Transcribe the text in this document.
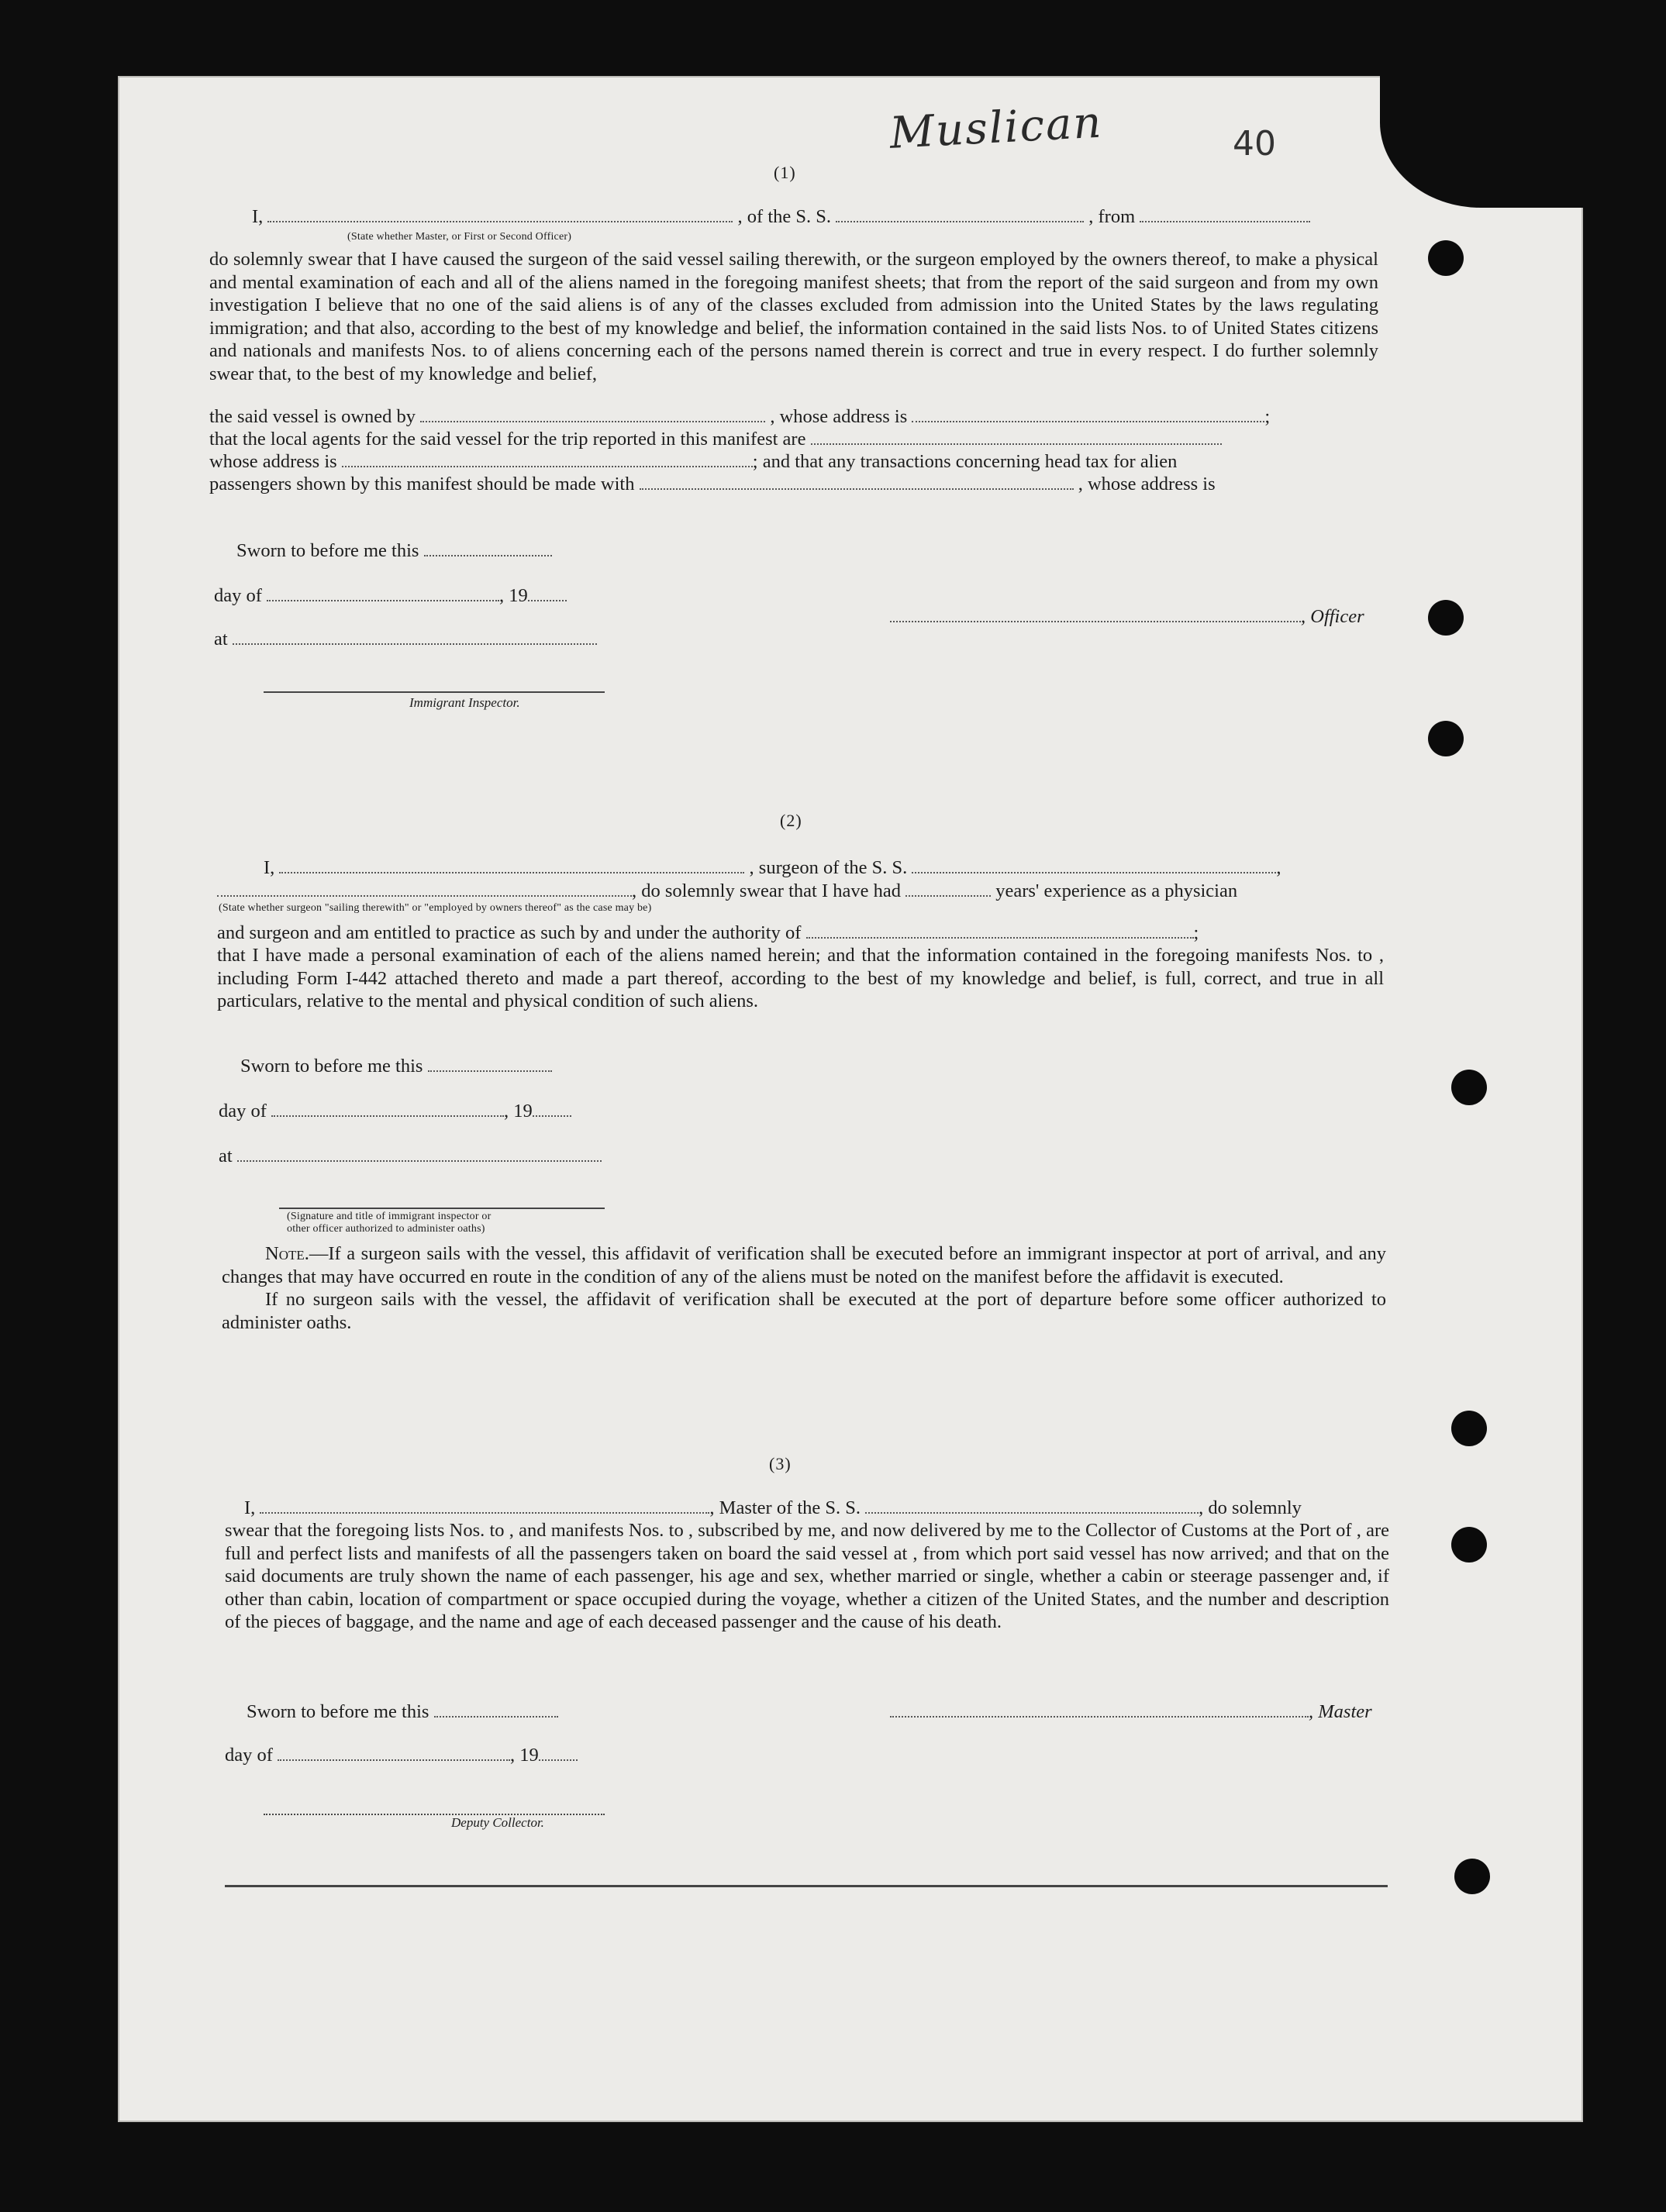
Muslican	40
(1)
I,	, of the S. S.	, from
(State whether Master, or First or Second Officer)

do solemnly swear that I have caused the surgeon of the said vessel sailing therewith, or the surgeon employed by the owners thereof, to make a physical and mental examination of each and all of the aliens named in the foregoing manifest sheets; that from the report of the said surgeon and from my own investigation I believe that no one of the said aliens is of any of the classes excluded from admission into the United States by the laws regulating immigration; and that also, according to the best of my knowledge and belief, the information contained in the said lists Nos. to of United States citizens and nationals and manifests Nos. to of aliens concerning each of the persons named therein is correct and true in every respect. I do further solemnly swear that, to the best of my knowledge and belief,

the said vessel is owned by	, whose address is	;
that the local agents for the said vessel for the trip reported in this manifest are
whose address is	; and that any transactions concerning head tax for alien
passengers shown by this manifest should be made with	, whose address is
Sworn to before me this
day of	, 19
at
, Officer
Immigrant Inspector.
(2)
I,	, surgeon of the S. S.	,
, do solemnly swear that I have had	years' experience as a physician
(State whether surgeon "sailing therewith" or "employed by owners thereof" as the case may be)
and surgeon and am entitled to practice as such by and under the authority of	;

that I have made a personal examination of each of the aliens named herein; and that the information contained in the foregoing manifests Nos. to , including Form I-442 attached thereto and made a part thereof, according to the best of my knowledge and belief, is full, correct, and true in all particulars, relative to the mental and physical condition of such aliens.

Sworn to before me this
day of	, 19
at
(Signature and title of immigrant inspector or
other officer authorized to administer oaths)

Note.—If a surgeon sails with the vessel, this affidavit of verification shall be executed before an immigrant inspector at port of arrival, and any changes that may have occurred en route in the condition of any of the aliens must be noted on the manifest before the affidavit is executed.

If no surgeon sails with the vessel, the affidavit of verification shall be executed at the port of departure before some officer authorized to administer oaths.

(3)
I,	, Master of the S. S.	, do solemnly

swear that the foregoing lists Nos. to , and manifests Nos. to , subscribed by me, and now delivered by me to the Collector of Customs at the Port of , are full and perfect lists and manifests of all the passengers taken on board the said vessel at , from which port said vessel has now arrived; and that on the said documents are truly shown the name of each passenger, his age and sex, whether married or single, whether a cabin or steerage passenger and, if other than cabin, location of compartment or space occupied during the voyage, whether a citizen of the United States, and the number and description of the pieces of baggage, and the name and age of each deceased passenger and the cause of his death.

Sworn to before me this	, Master
day of	, 19
Deputy Collector.
